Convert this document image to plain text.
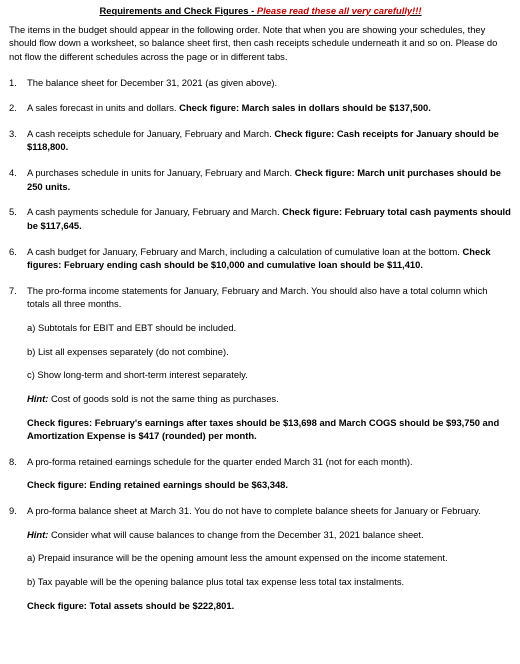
Requirements and Check Figures - Please read these all very carefully!!!
The items in the budget should appear in the following order. Note that when you are showing your schedules, they should flow down a worksheet, so balance sheet first, then cash receipts schedule underneath it and so on. Please do not flow the different schedules across the page or in different tabs.
1. The balance sheet for December 31, 2021 (as given above).
2. A sales forecast in units and dollars. Check figure: March sales in dollars should be $137,500.
3. A cash receipts schedule for January, February and March. Check figure: Cash receipts for January should be $118,800.
4. A purchases schedule in units for January, February and March. Check figure: March unit purchases should be 250 units.
5. A cash payments schedule for January, February and March. Check figure: February total cash payments should be $117,645.
6. A cash budget for January, February and March, including a calculation of cumulative loan at the bottom. Check figures: February ending cash should be $10,000 and cumulative loan should be $11,410.
7. The pro-forma income statements for January, February and March. You should also have a total column which totals all three months.
a) Subtotals for EBIT and EBT should be included.
b) List all expenses separately (do not combine).
c) Show long-term and short-term interest separately.
Hint: Cost of goods sold is not the same thing as purchases.
Check figures: February's earnings after taxes should be $13,698 and March COGS should be $93,750 and Amortization Expense is $417 (rounded) per month.
8. A pro-forma retained earnings schedule for the quarter ended March 31 (not for each month).
Check figure: Ending retained earnings should be $63,348.
9. A pro-forma balance sheet at March 31. You do not have to complete balance sheets for January or February.
Hint: Consider what will cause balances to change from the December 31, 2021 balance sheet.
a) Prepaid insurance will be the opening amount less the amount expensed on the income statement.
b) Tax payable will be the opening balance plus total tax expense less total tax instalments.
Check figure: Total assets should be $222,801.
